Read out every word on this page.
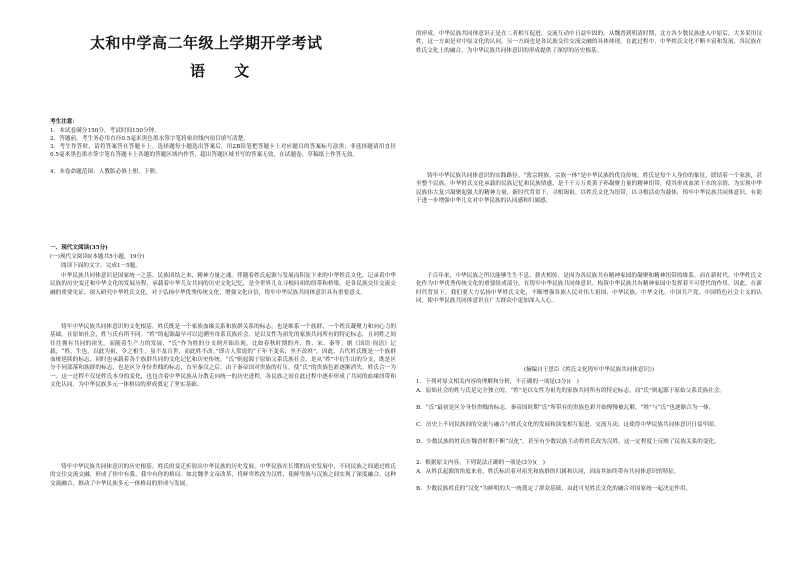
太和中学高二年级上学期开学考试
语 文
考生注意：
1．本试卷满分150分，考试时间150分钟。
2．答题前，考生务必用直径0.5毫米黑色墨水签字笔将密封线内项目填写清楚。
3．考生作答时，请将答案答在答题卡上。选择题每小题选出答案后，用2B铅笔把答题卡上对应题目的答案标号涂黑；非选择题请用直径0.5毫米黑色墨水签字笔在答题卡上各题的答题区域内作答，超出答题区域书写的答案无效，在试题卷、草稿纸上作答无效。
4．本卷命题范围：人教版必修上册、下册。
一、现代文阅读(35分)
(一)现代文阅读Ⅰ(本题共5小题，19分)
阅读下面的文字，完成1～5题。
中华民族共同体意识是国家统一之基、民族团结之本、精神力量之魂。伴随着姓氏起源与发展而积淀下来的中华姓氏文化，记录着中华民族的历史变迁和中华文化的发展历程，承载着中华儿女共同的历史文化记忆，是全世界儿女寻根问祖的纽带和桥梁，是各民族交往交流交融的重要见证。深入研究中华姓氏文化，对于弘扬中华优秀传统文化，增强文化自信，铸牢中华民族共同体意识具有重要意义。
铸牢中华民族共同体意识的文化根基。姓氏既是一个家族血缘关系和族群关系的标志，也是维系一个族群、一个姓氏凝聚力和向心力的基础。在原始社会，姓与氏有所不同。“姓”的起源最早可以追溯至母系氏族社会，是以女性为祖先的家族共同所有的特定标志，且同姓之间往往拥有共同的祖先。而随着生产力的发展，“氏”作为姓的分支则开始出现。比如春秋时期的齐、鲁、宋、秦等。据《国语·周语》记载，“姓，生也，以此为祖，令之相生，虽不及百世，而此姓不改。”即古人常说的“千年不变名，坐不改姓”。因此，古代姓氏既是一个族群血统延续的标志，同时也承载着各个族群共同的文化记忆和历史传统。“氏”则起源于原始父系氏族社会，是从“姓”中衍生出的分支，既是区分不同部落和族群的标志，也是区分身份贵贱的标志，直至秦汉之后，由于秦帝国对贵族的打压，使“氏”的贵族色彩逐渐消失，姓氏合一为一。这一过程不仅是姓氏本身的变化，也包含着中华民族从分散走向统一的历史进程，各民族之间在此过程中逐步形成了共同的血缘纽带和文化认同，为中华民族多元一体格局的形成奠定了坚实基础。
铸牢中华民族共同体意识的历史根基。姓氏的变迁折射出中华民族的历史发展。中华民族在长期的历史发展中，不同民族之间通过姓氏的交往交流交融，形成了你中有我、我中有你的格局。如北魏孝文帝改革，将鲜卑姓改为汉姓，使鲜卑族与汉族之间实现了深度融合。这种交流融合，推动了中华民族多元一体格局的形成与发展。
的形成。中华民族共同体意识正是在二者相互促进、交流互动中日益牢固的。从魏晋到明清时期，北方各少数民族进入中原后，大多采用汉姓，这一方面是对中原文化的认同，另一方面也是各民族交往交流交融的具体体现。在此过程中，中华姓氏文化不断丰富和发展，各民族在姓氏文化上的融合，为中华民族共同体意识的形成提供了深厚的历史根基。
铸牢中华民族共同体意识的实践路径。“敦宗睦族，宗族一体”是中华民族的优良传统。姓氏是每个人身份的象征，联结着一个家族，甚至整个民族。中华姓氏文化承载的民族记忆和民族情感，是千千万万炎黄子孙凝聚力量的精神纽带，使其形成血浓于水的亲情，为实现中华民族伟大复兴凝聚起强大的精神力量。新时代背景下，寻根谒祖、以姓氏文化为纽带，以寻根活动为载体，铸牢中华民族共同体意识，有助于进一步增强中华儿女对中华民族的认同感和归属感。
千百年来，中华民族之所以能够生生不息、薪火相传，是因为各民族共有精神家园的凝聚和精神纽带的维系。而在新时代，中华姓氏文化作为中华优秀传统文化的重要组成部分，在铸牢中华民族共同体意识、构筑中华民族共有精神家园中发挥着不可替代的作用。因此，在新时代背景下，我们要大力弘扬中华姓氏文化，不断增强各族人民对伟大祖国、中华民族、中华文化、中国共产党、中国特色社会主义的认同，使中华民族共同体意识在广大群众中更加深入人心。
(摘编自王思臣《姓氏文化铸牢中华民族共同体意识》)
1．下列对原文相关内容的理解和分析，不正确的一项是(3分)(　)
A．原始社会的姓与氏是完全独立的，“姓”是以女性为祖先的家族共同所有的特定标志，而“氏”则起源于原始父系氏族社会。
B．“氏”最初是区分身份贵贱的标志，秦帝国时期“氏”所带有的贵族色彩开始慢慢被瓦解，“姓”与“氏”也逐渐合为一体。
C．历史上不同民族间的交流与融合与姓氏文化的发展和演变相互促进、交流互动，这使得中华民族共同体意识日益牢固。
D．少数民族的姓氏在魏晋时期不断“汉化”，甚至有少数民族主动将姓氏改为汉姓，这一定程度上反映了民族关系的变化。
2．根据原文内容，下列说法正确的一项是(3分)(　)
A．从姓氏起源的角度来看，姓氏标识着对祖先和族群的归属和认同，因而其始终带有共同体意识的特征。
B．少数民族姓氏的“汉化”为鲜明的大一统奠定了群众基础，由此可见姓氏文化的融合对国家统一起决定作用。
